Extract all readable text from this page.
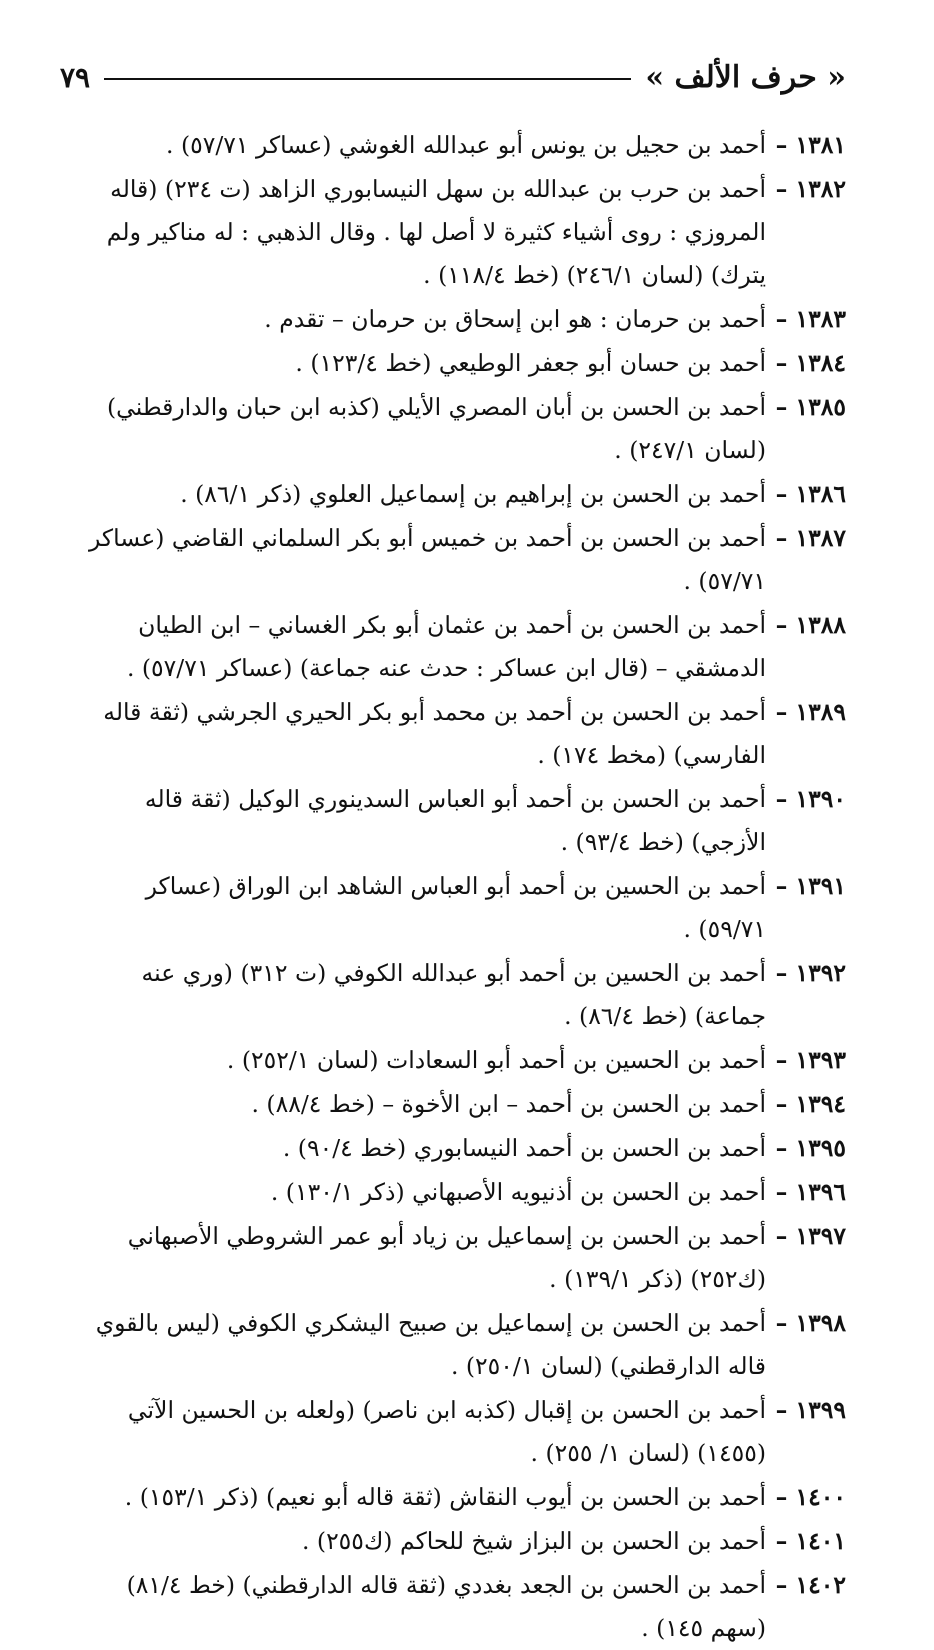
« حرف الألف »
٧٩
١٣٨١ –
أحمد بن حجيل بن يونس أبو عبدالله الغوشي (عساكر ٥٧/٧١) .
١٣٨٢ –
أحمد بن حرب بن عبدالله بن سهل النيسابوري الزاهد (ت ٢٣٤) (قاله المروزي : روى أشياء كثيرة لا أصل لها . وقال الذهبي : له مناكير ولم يترك) (لسان ٢٤٦/١) (خط ١١٨/٤) .
١٣٨٣ –
أحمد بن حرمان : هو ابن إسحاق بن حرمان – تقدم .
١٣٨٤ –
أحمد بن حسان أبو جعفر الوطيعي (خط ١٢٣/٤) .
١٣٨٥ –
أحمد بن الحسن بن أبان المصري الأيلي (كذبه ابن حبان والدارقطني) (لسان ٢٤٧/١) .
١٣٨٦ –
أحمد بن الحسن بن إبراهيم بن إسماعيل العلوي (ذكر ٨٦/١) .
١٣٨٧ –
أحمد بن الحسن بن أحمد بن خميس أبو بكر السلماني القاضي (عساكر ٥٧/٧١) .
١٣٨٨ –
أحمد بن الحسن بن أحمد بن عثمان أبو بكر الغساني – ابن الطيان الدمشقي – (قال ابن عساكر : حدث عنه جماعة) (عساكر ٥٧/٧١) .
١٣٨٩ –
أحمد بن الحسن بن أحمد بن محمد أبو بكر الحيري الجرشي (ثقة قاله الفارسي) (مخط ١٧٤) .
١٣٩٠ –
أحمد بن الحسن بن أحمد أبو العباس السدينوري الوكيل (ثقة قاله الأزجي) (خط ٩٣/٤) .
١٣٩١ –
أحمد بن الحسين بن أحمد أبو العباس الشاهد ابن الوراق (عساكر ٥٩/٧١) .
١٣٩٢ –
أحمد بن الحسين بن أحمد أبو عبدالله الكوفي (ت ٣١٢) (وري عنه جماعة) (خط ٨٦/٤) .
١٣٩٣ –
أحمد بن الحسين بن أحمد أبو السعادات (لسان ٢٥٢/١) .
١٣٩٤ –
أحمد بن الحسن بن أحمد – ابن الأخوة – (خط ٨٨/٤) .
١٣٩٥ –
أحمد بن الحسن بن أحمد النيسابوري (خط ٩٠/٤) .
١٣٩٦ –
أحمد بن الحسن بن أذنيويه الأصبهاني (ذكر ١٣٠/١) .
١٣٩٧ –
أحمد بن الحسن بن إسماعيل بن زياد أبو عمر الشروطي الأصبهاني (ك٢٥٢) (ذكر ١٣٩/١) .
١٣٩٨ –
أحمد بن الحسن بن إسماعيل بن صبيح اليشكري الكوفي (ليس بالقوي قاله الدارقطني) (لسان ٢٥٠/١) .
١٣٩٩ –
أحمد بن الحسن بن إقبال (كذبه ابن ناصر) (ولعله بن الحسين الآتي (١٤٥٥) (لسان ١/ ٢٥٥) .
١٤٠٠ –
أحمد بن الحسن بن أيوب النقاش (ثقة قاله أبو نعيم) (ذكر ١٥٣/١) .
١٤٠١ –
أحمد بن الحسن بن البزاز شيخ للحاكم (ك٢٥٥) .
١٤٠٢ –
أحمد بن الحسن بن الجعد بغددي (ثقة قاله الدارقطني) (خط ٨١/٤) (سهم ١٤٥) .
